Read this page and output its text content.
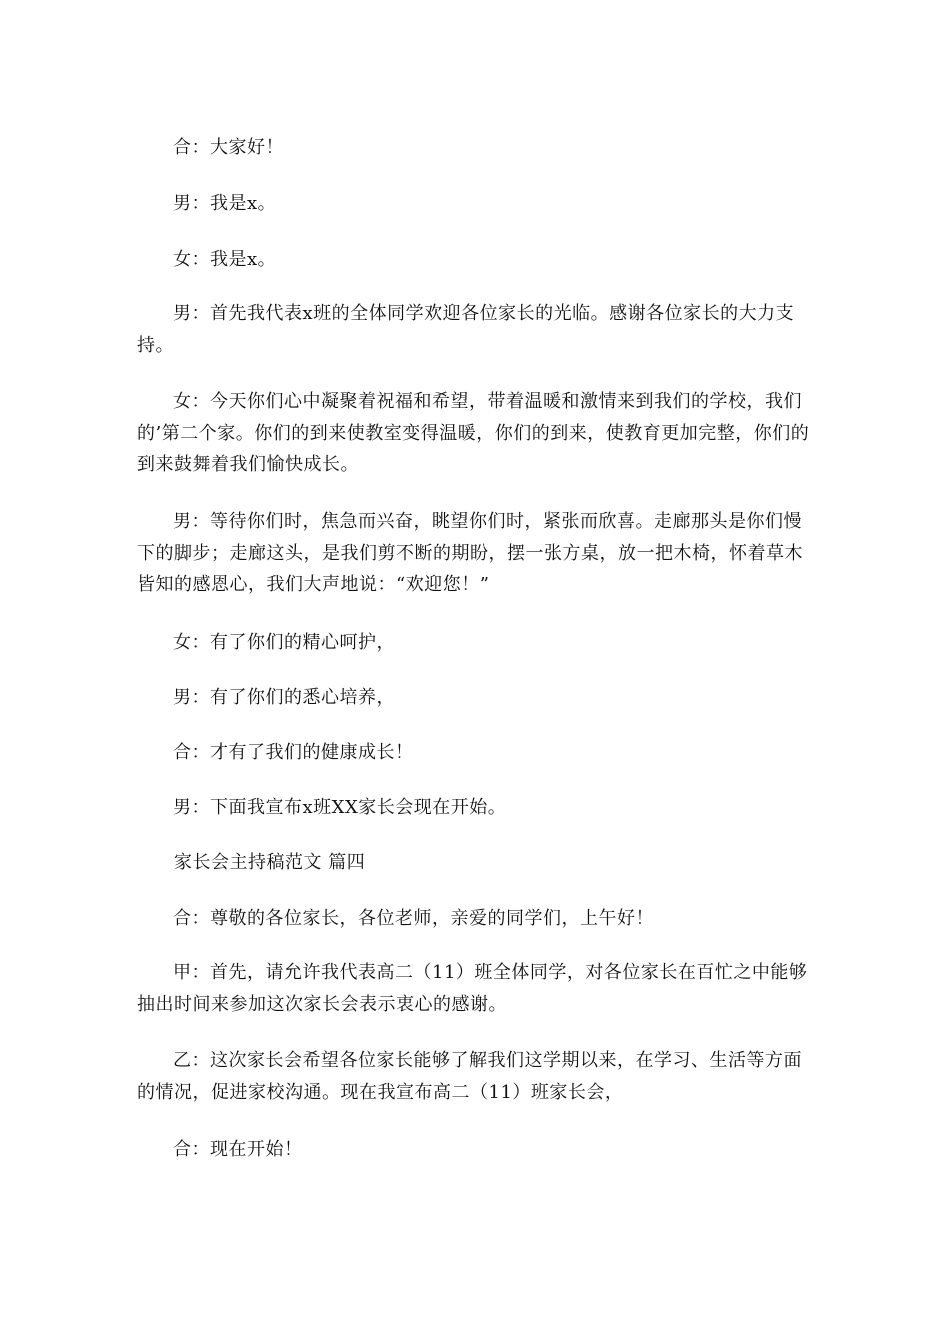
合：大家好！

男：我是x。

女：我是x。

男：首先我代表x班的全体同学欢迎各位家长的光临。感谢各位家长的大力支持。

女：今天你们心中凝聚着祝福和希望，带着温暖和激情来到我们的学校，我们的’第二个家。你们的到来使教室变得温暖，你们的到来，使教育更加完整，你们的到来鼓舞着我们愉快成长。

男：等待你们时，焦急而兴奋，眺望你们时，紧张而欣喜。走廊那头是你们慢下的脚步；走廊这头，是我们剪不断的期盼，摆一张方桌，放一把木椅，怀着草木皆知的感恩心，我们大声地说：“欢迎您！”

女：有了你们的精心呵护，

男：有了你们的悉心培养，

合：才有了我们的健康成长！

男：下面我宣布x班XX家长会现在开始。

家长会主持稿范文 篇四

合：尊敬的各位家长，各位老师，亲爱的同学们，上午好！

甲：首先，请允许我代表高二（11）班全体同学，对各位家长在百忙之中能够抽出时间来参加这次家长会表示衷心的感谢。

乙：这次家长会希望各位家长能够了解我们这学期以来，在学习、生活等方面的情况，促进家校沟通。现在我宣布高二（11）班家长会，

合：现在开始！
